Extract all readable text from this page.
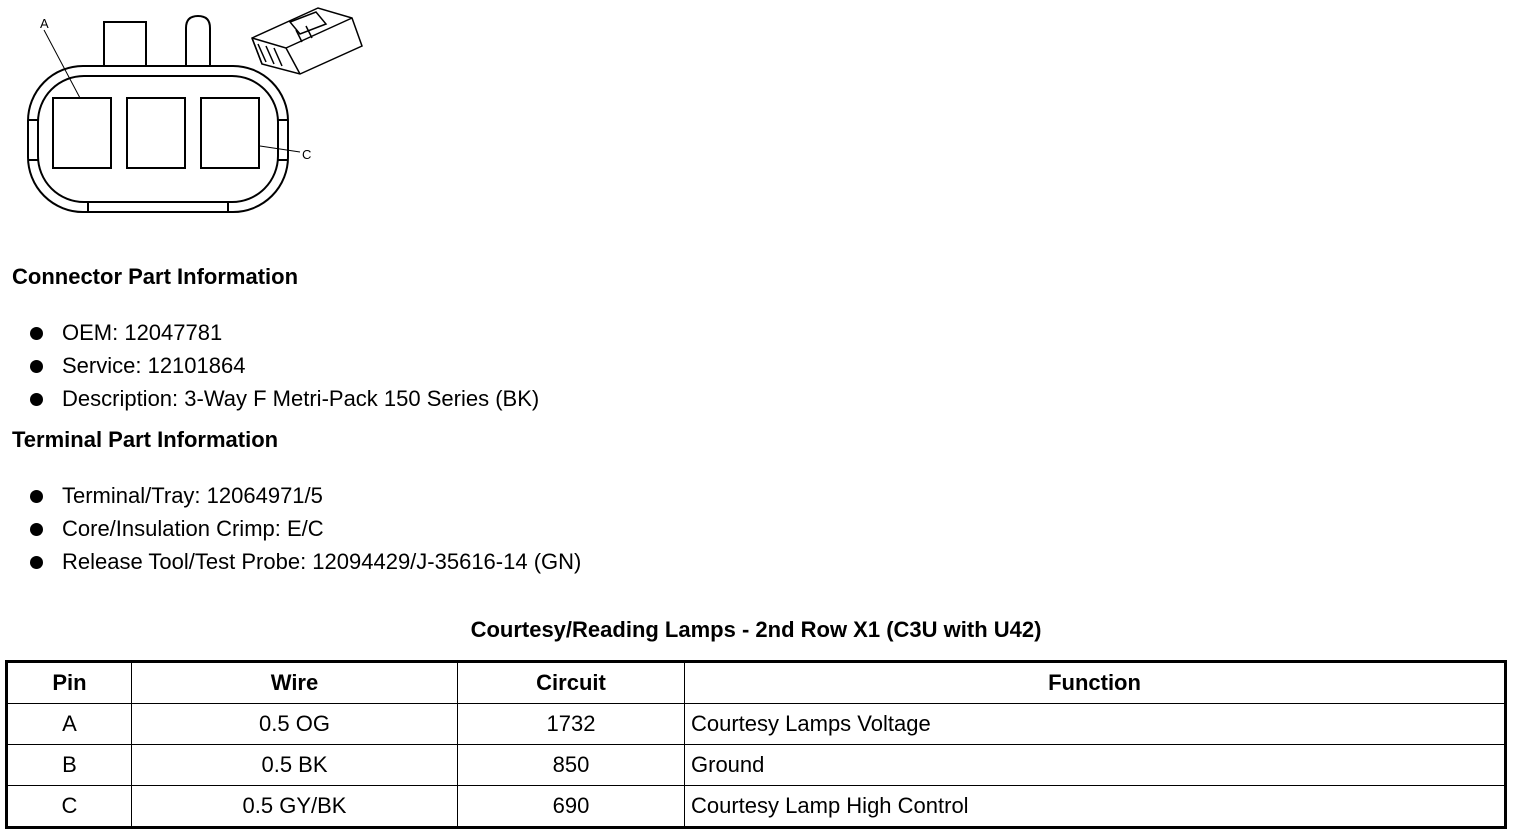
A
C
Connector Part Information
OEM: 12047781
Service: 12101864
Description: 3-Way F Metri-Pack 150 Series (BK)
Terminal Part Information
Terminal/Tray: 12064971/5
Core/Insulation Crimp: E/C
Release Tool/Test Probe: 12094429/J-35616-14 (GN)
Courtesy/Reading Lamps - 2nd Row X1 (C3U with U42)
Pin	Wire	Circuit	Function
A	0.5 OG	1732	Courtesy Lamps Voltage
B	0.5 BK	850	Ground
C	0.5 GY/BK	690	Courtesy Lamp High Control
